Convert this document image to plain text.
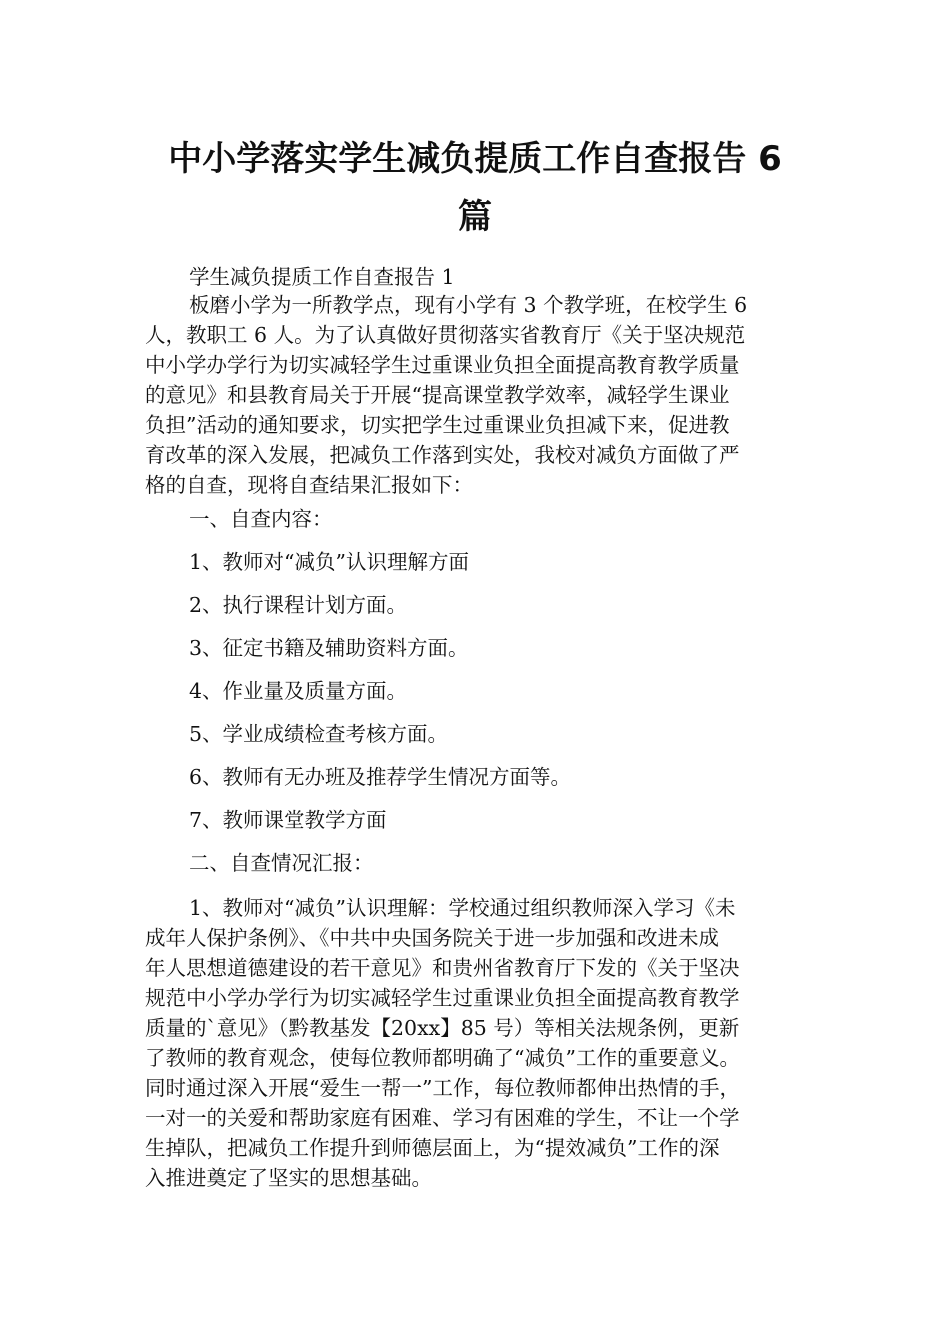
中小学落实学生减负提质工作自查报告 6
篇

学生减负提质工作自查报告 1

板磨小学为一所教学点，现有小学有 3 个教学班，在校学生 6
人，教职工 6 人。为了认真做好贯彻落实省教育厅《关于坚决规范
中小学办学行为切实减轻学生过重课业负担全面提高教育教学质量
的意见》和县教育局关于开展“提高课堂教学效率，减轻学生课业
负担”活动的通知要求，切实把学生过重课业负担减下来，促进教
育改革的深入发展，把减负工作落到实处，我校对减负方面做了严
格的自查，现将自查结果汇报如下：

一、自查内容：

1、教师对“减负”认识理解方面

2、执行课程计划方面。

3、征定书籍及辅助资料方面。

4、作业量及质量方面。

5、学业成绩检查考核方面。

6、教师有无办班及推荐学生情况方面等。

7、教师课堂教学方面

二、自查情况汇报：

1、教师对“减负”认识理解：学校通过组织教师深入学习《未
成年人保护条例》、《中共中央国务院关于进一步加强和改进未成
年人思想道德建设的若干意见》和贵州省教育厅下发的《关于坚决
规范中小学办学行为切实减轻学生过重课业负担全面提高教育教学
质量的`意见》（黔教基发【20xx】85 号）等相关法规条例，更新
了教师的教育观念，使每位教师都明确了“减负”工作的重要意义。
同时通过深入开展“爱生一帮一”工作，每位教师都伸出热情的手，
一对一的关爱和帮助家庭有困难、学习有困难的学生，不让一个学
生掉队，把减负工作提升到师德层面上，为“提效减负”工作的深
入推进奠定了坚实的思想基础。
